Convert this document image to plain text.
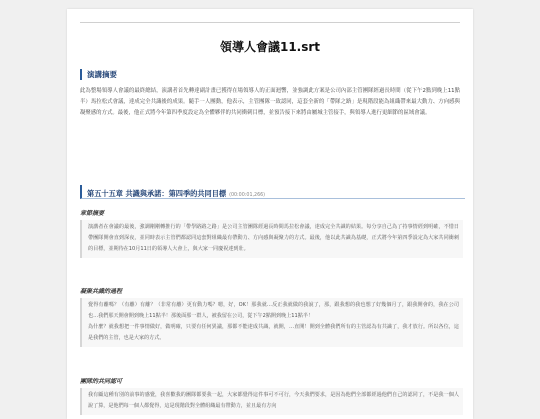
領導人會議11.srt
演講摘要
此為整場領導人會議的最終總結，演講者首先轉達副計畫已獲得在場領導人的正面迴響，並強調此方案是公司內部主管團隊經過長時間（從下午2點到晚上11點半）馬拉松式會議，達成完全共識後的成果。隨手一人團動，他表示，主管團隊一致認同，這套全新的「帶隊之路」是現階段能為組織帶來最大動力、方向感與凝聚感的方式。最後，他正式將今年第四季度設定為全體夥伴的共同衝刺目標，並預告接下來將由屬城主管接手，與領導人進行更細節的區域會議。
第五十五章 共識與承諾：第四季的共同目標 (00:00:01,266)
章節摘要

演講者在會議的最後，強調剛剛轉推行的「帶學路路之路」是公司主管團隊經過長時間馬拉松會議，達成完全共識的結果。每分享自己為了持事情經到明確，不惜日帶團隊開會直到深夜，並同時表示主管們都認同這套對組織最有帶動力、方向感與凝聚力的方式。最後，他以此共識為基礎，正式將今年第四季設定為大家共同衝刺的目標，並期待在10月11日的領導人大會上，與大家一同慶祝達到壯。

凝聚共識的過程

覺得有離嗎？（有離）有離？（非常有離）更有動力嗎？嗯，好，OK！那我就…反正我就做的我說了，那，跟我想的我也想了好幾個月了，跟我開會的，我在公司也…我們那天開會開到晚上11點半！那後面那一群人，被我留在公司，從下午2點開到晚上11點半！

為什麼？就我想把一件事情做好，做明確，只要有任何異議，那都不能達成共識，就開，…直開！開到全體我們所有的主管認為有共識了，我才放行。所以各位，這是我們的主管，也是大家的方式。

團隊的共同認可

我有顧這種有別的前事的感覺，我喜歡我的團隊都要我一起，大家都覺得這件事可不可行，今天我們要求，是因為他們全部都經過他們自己的認同了，不是我一個人說了算，是他們每一個人都覺得，這是現階段對全體組織最有帶動力，並且最有方向
